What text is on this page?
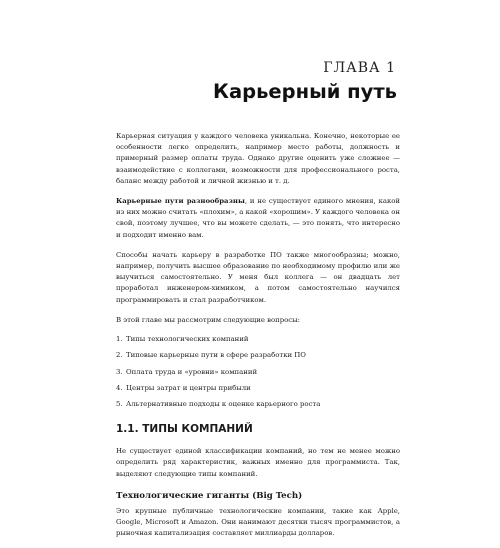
ГЛАВА 1
Карьерный путь

Карьерная ситуация у каждого человека уникальна. Конечно, некоторые ее особенности легко определить, например место работы, должность и примерный размер оплаты труда. Однако другие оценить уже сложнее — взаимодействие с коллегами, возможности для профессионального роста, баланс между работой и личной жизнью и т. д.

Карьерные пути разнообразны, и не существует единого мнения, какой из них можно считать «плохим», а какой «хорошим». У каждого человека он свой, поэтому лучшее, что вы можете сделать, — это понять, что интересно и подходит именно вам.

Способы начать карьеру в разработке ПО также многообразны; можно, например, получить высшее образование по необходимому профилю или же выучиться самостоятельно. У меня был коллега — он двадцать лет проработал инженером-химиком, а потом самостоятельно научился программировать и стал разработчиком.

В этой главе мы рассмотрим следующие вопросы:

1. Типы технологических компаний
2. Типовые карьерные пути в сфере разработки ПО
3. Оплата труда и «уровни» компаний
4. Центры затрат и центры прибыли
5. Альтернативные подходы к оценке карьерного роста
1.1. ТИПЫ КОМПАНИЙ

Не существует единой классификации компаний, но тем не менее можно определить ряд характеристик, важных именно для программиста. Так, выделяют следующие типы компаний.

Технологические гиганты (Big Tech)

Это крупные публичные технологические компании, такие как Apple, Google, Microsoft и Amazon. Они нанимают десятки тысяч программистов, а рыночная капитализация составляет миллиарды долларов.
